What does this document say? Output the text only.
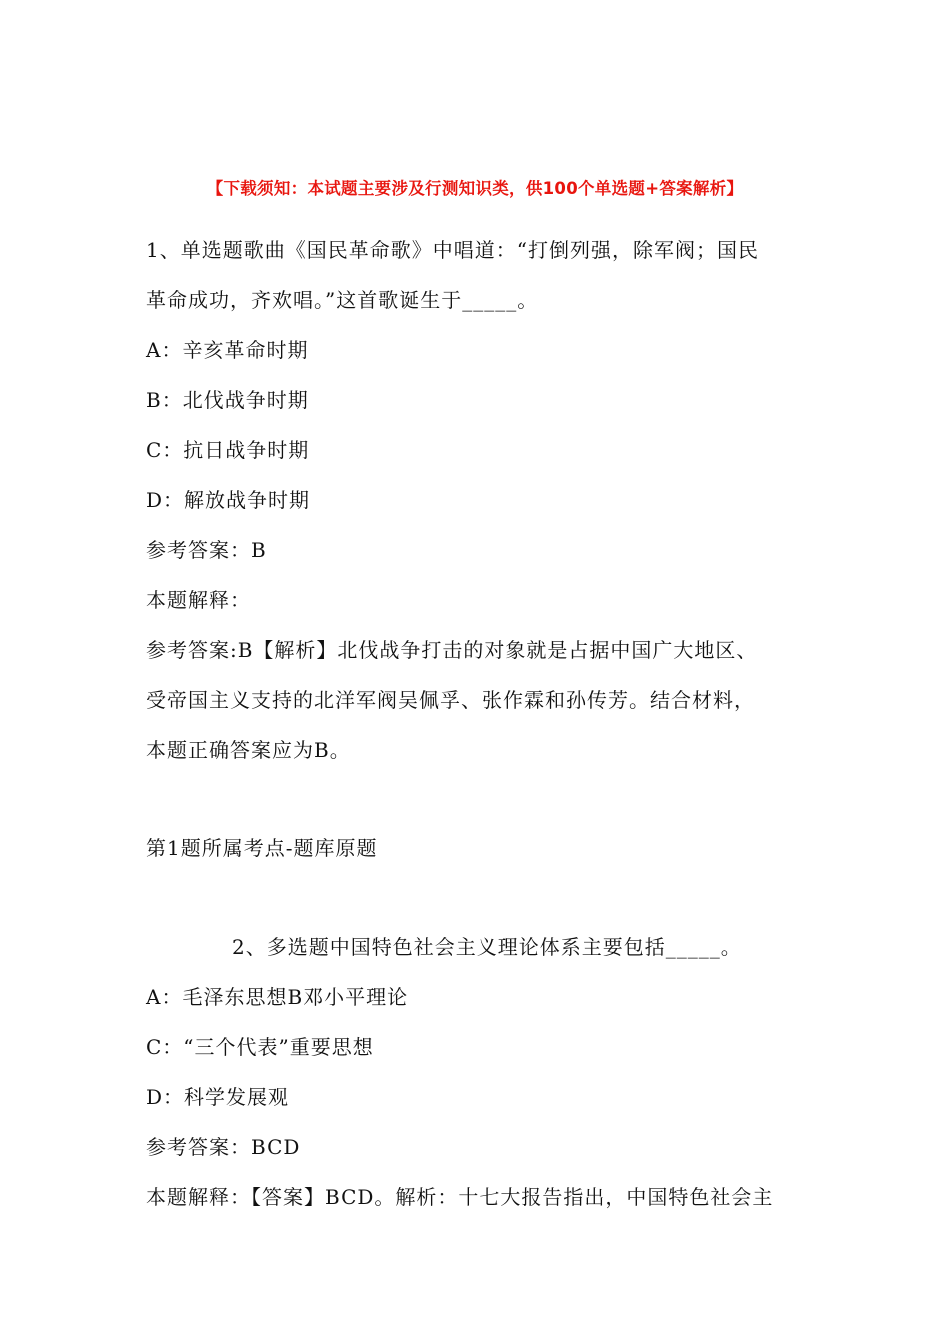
【下载须知：本试题主要涉及行测知识类，供100个单选题+答案解析】
1、单选题歌曲《国民革命歌》中唱道：“打倒列强，除军阀；国民
革命成功，齐欢唱。”这首歌诞生于_____。
A：辛亥革命时期
B：北伐战争时期
C：抗日战争时期
D：解放战争时期
参考答案：B
本题解释：
参考答案:B【解析】北伐战争打击的对象就是占据中国广大地区、
受帝国主义支持的北洋军阀吴佩孚、张作霖和孙传芳。结合材料，
本题正确答案应为B。
第1题所属考点-题库原题
2、多选题中国特色社会主义理论体系主要包括_____。
A：毛泽东思想B邓小平理论
C：“三个代表”重要思想
D：科学发展观
参考答案：BCD
本题解释：【答案】BCD。解析：十七大报告指出，中国特色社会主
